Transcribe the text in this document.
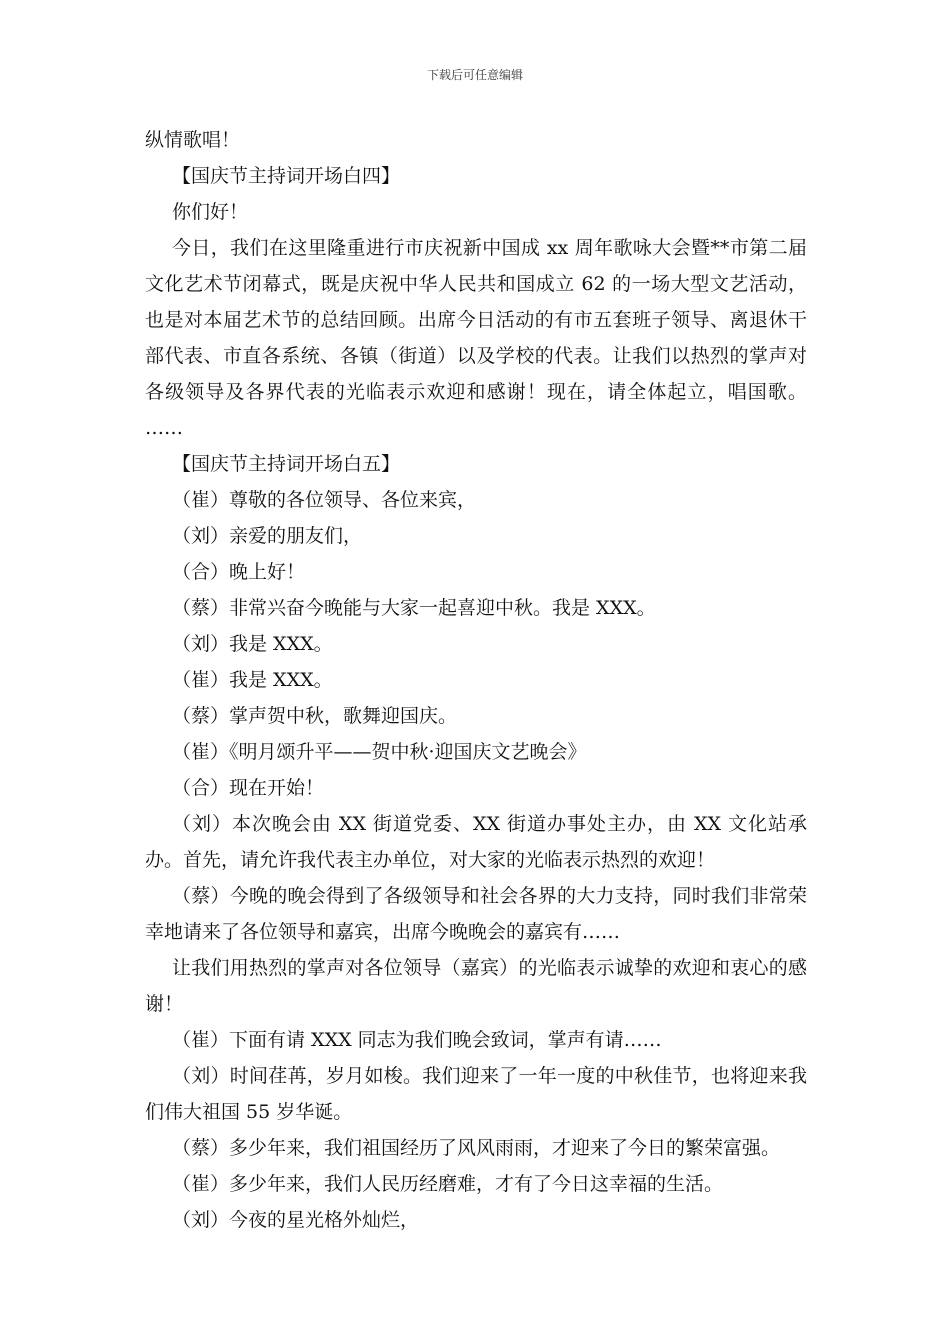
下载后可任意编辑

纵情歌唱！

【国庆节主持词开场白四】

你们好！

今日，我们在这里隆重进行市庆祝新中国成 xx 周年歌咏大会暨**市第二届文化艺术节闭幕式，既是庆祝中华人民共和国成立 62 的一场大型文艺活动，也是对本届艺术节的总结回顾。出席今日活动的有市五套班子领导、离退休干部代表、市直各系统、各镇（街道）以及学校的代表。让我们以热烈的掌声对各级领导及各界代表的光临表示欢迎和感谢！现在，请全体起立，唱国歌。 ……

【国庆节主持词开场白五】

（崔）尊敬的各位领导、各位来宾，

（刘）亲爱的朋友们，

（合）晚上好！

（蔡）非常兴奋今晚能与大家一起喜迎中秋。我是 XXX。

（刘）我是 XXX。

（崔）我是 XXX。

（蔡）掌声贺中秋，歌舞迎国庆。

（崔）《明月颂升平——贺中秋·迎国庆文艺晚会》

（合）现在开始！

（刘）本次晚会由 XX 街道党委、XX 街道办事处主办，由 XX 文化站承办。首先，请允许我代表主办单位，对大家的光临表示热烈的欢迎！

（蔡）今晚的晚会得到了各级领导和社会各界的大力支持，同时我们非常荣幸地请来了各位领导和嘉宾，出席今晚晚会的嘉宾有……

让我们用热烈的掌声对各位领导（嘉宾）的光临表示诚挚的欢迎和衷心的感谢！

（崔）下面有请 XXX 同志为我们晚会致词，掌声有请……

（刘）时间荏苒，岁月如梭。我们迎来了一年一度的中秋佳节，也将迎来我们伟大祖国 55 岁华诞。

（蔡）多少年来，我们祖国经历了风风雨雨，才迎来了今日的繁荣富强。

（崔）多少年来，我们人民历经磨难，才有了今日这幸福的生活。

（刘）今夜的星光格外灿烂，
